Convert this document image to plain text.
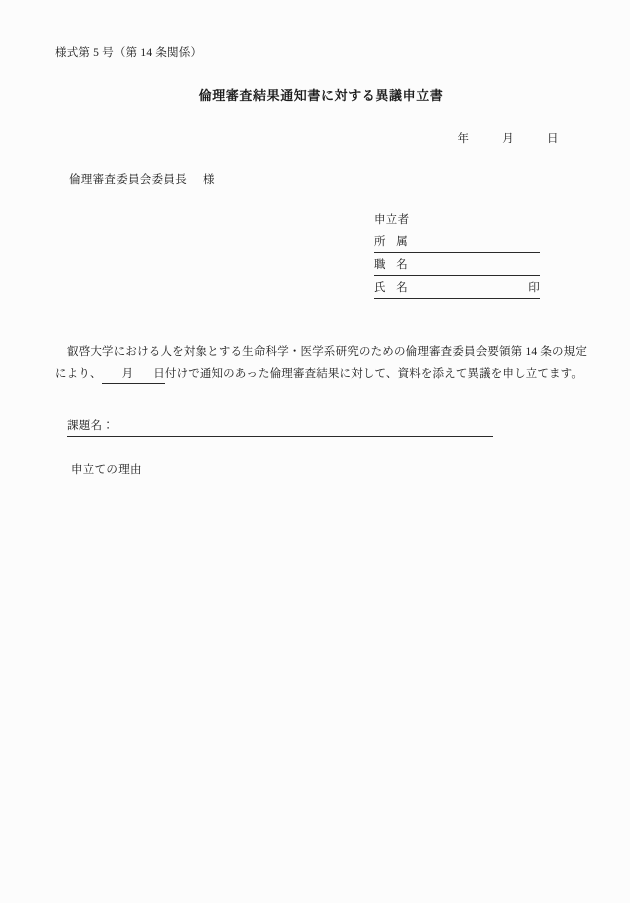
様式第 5 号（第 14 条関係）
倫理審査結果通知書に対する異議申立書
年	月	日
倫理審査委員会委員長 様
申立者
所属
職名
氏名	印
叡啓大学における人を対象とする生命科学・医学系研究のための倫理審査委員会要領第 14 条の規定により、 月 日付けで通知のあった倫理審査結果に対して、資料を添えて異議を申し立てます。
課題名：
申立ての理由
